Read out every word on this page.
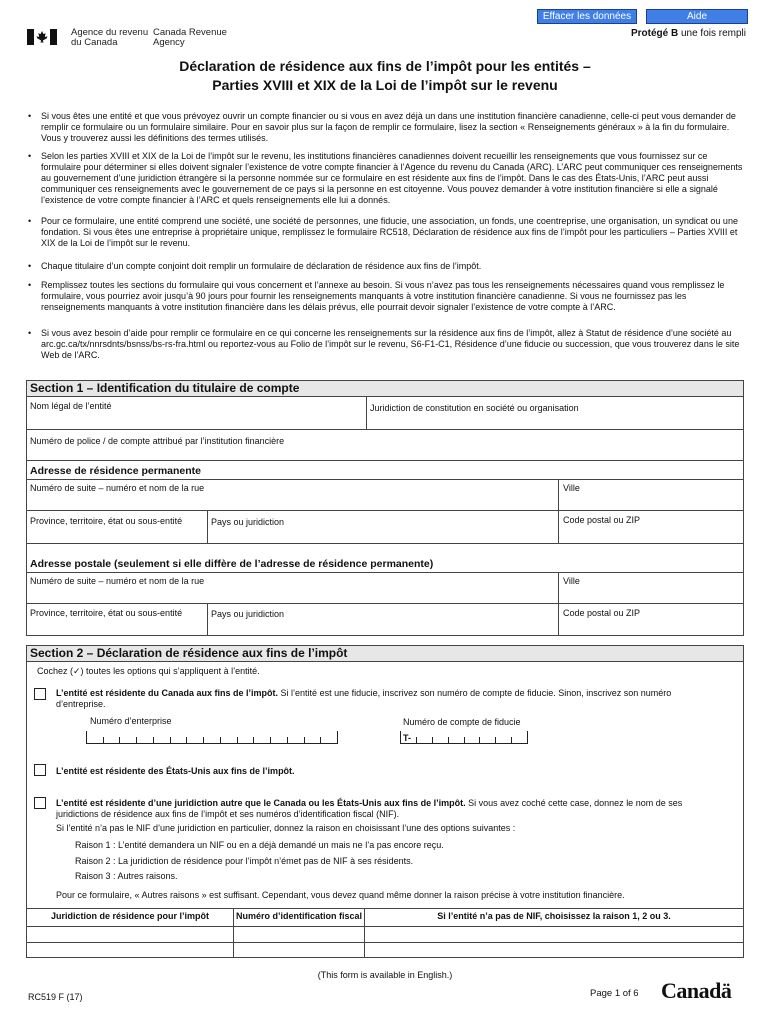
Effacer les données	Aide
Agence du revenu
du Canada
Canada Revenue
Agency
Protégé B une fois rempli
Déclaration de résidence aux fins de l’impôt pour les entités –
Parties XVIII et XIX de la Loi de l’impôt sur le revenu
• Si vous êtes une entité et que vous prévoyez ouvrir un compte financier ou si vous en avez déjà un dans une institution financière canadienne, celle-ci peut vous demander de remplir ce formulaire ou un formulaire similaire. Pour en savoir plus sur la façon de remplir ce formulaire, lisez la section « Renseignements généraux » à la fin du formulaire. Vous y trouverez aussi les définitions des termes utilisés.
• Selon les parties XVIII et XIX de la Loi de l’impôt sur le revenu, les institutions financières canadiennes doivent recueillir les renseignements que vous fournissez sur ce formulaire pour déterminer si elles doivent signaler l’existence de votre compte financier à l’Agence du revenu du Canada (ARC). L’ARC peut communiquer ces renseignements au gouvernement d’une juridiction étrangère si la personne nommée sur ce formulaire en est résidente aux fins de l’impôt. Dans le cas des États-Unis, l’ARC peut aussi communiquer ces renseignements avec le gouvernement de ce pays si la personne en est citoyenne. Vous pouvez demander à votre institution financière si elle a signalé l’existence de votre compte financier à l’ARC et quels renseignements elle lui a donnés.
• Pour ce formulaire, une entité comprend une société, une société de personnes, une fiducie, une association, un fonds, une coentreprise, une organisation, un syndicat ou une fondation. Si vous êtes une entreprise à propriétaire unique, remplissez le formulaire RC518, Déclaration de résidence aux fins de l’impôt pour les particuliers – Parties XVIII et XIX de la Loi de l’impôt sur le revenu.
• Chaque titulaire d’un compte conjoint doit remplir un formulaire de déclaration de résidence aux fins de l’impôt.
• Remplissez toutes les sections du formulaire qui vous concernent et l’annexe au besoin. Si vous n’avez pas tous les renseignements nécessaires quand vous remplissez le formulaire, vous pourriez avoir jusqu’à 90 jours pour fournir les renseignements manquants à votre institution financière canadienne. Si vous ne fournissez pas les renseignements manquants à votre institution financière dans les délais prévus, elle pourrait devoir signaler l’existence de votre compte à l’ARC.
• Si vous avez besoin d’aide pour remplir ce formulaire en ce qui concerne les renseignements sur la résidence aux fins de l’impôt, allez à Statut de résidence d’une société au arc.gc.ca/tx/nnrsdnts/bsnss/bs-rs-fra.html ou reportez-vous au Folio de l’impôt sur le revenu, S6-F1-C1, Résidence d’une fiducie ou succession, que vous trouverez dans le site Web de l’ARC.
Section 1 – Identification du titulaire de compte
Nom légal de l’entité	Juridiction de constitution en société ou organisation
Numéro de police / de compte attribué par l’institution financière
Adresse de résidence permanente
Numéro de suite – numéro et nom de la rue	Ville
Province, territoire, état ou sous-entité	Pays ou juridiction	Code postal ou ZIP
Adresse postale (seulement si elle diffère de l’adresse de résidence permanente)
Numéro de suite – numéro et nom de la rue	Ville
Province, territoire, état ou sous-entité	Pays ou juridiction	Code postal ou ZIP
Section 2 – Déclaration de résidence aux fins de l’impôt
Cochez (✓) toutes les options qui s’appliquent à l’entité.
L’entité est résidente du Canada aux fins de l’impôt. Si l’entité est une fiducie, inscrivez son numéro de compte de fiducie. Sinon, inscrivez son numéro d’entreprise.
Numéro d’enterprise	Numéro de compte de fiducie
T-
L’entité est résidente des États-Unis aux fins de l’impôt.
L’entité est résidente d’une juridiction autre que le Canada ou les États-Unis aux fins de l’impôt. Si vous avez coché cette case, donnez le nom de ses juridictions de résidence aux fins de l’impôt et ses numéros d’identification fiscal (NIF).
Si l’entité n’a pas le NIF d’une juridiction en particulier, donnez la raison en choisissant l’une des options suivantes :
Raison 1 : L’entité demandera un NIF ou en a déjà demandé un mais ne l’a pas encore reçu.
Raison 2 : La juridiction de résidence pour l’impôt n’émet pas de NIF à ses résidents.
Raison 3 : Autres raisons.
Pour ce formulaire, « Autres raisons » est suffisant. Cependant, vous devez quand même donner la raison précise à votre institution financière.
Juridiction de résidence pour l’impôt	Numéro d’identification fiscal	Si l’entité n’a pas de NIF, choisissez la raison 1, 2 ou 3.
(This form is available in English.)
RC519 F (17)	Page 1 of 6 Canadä
